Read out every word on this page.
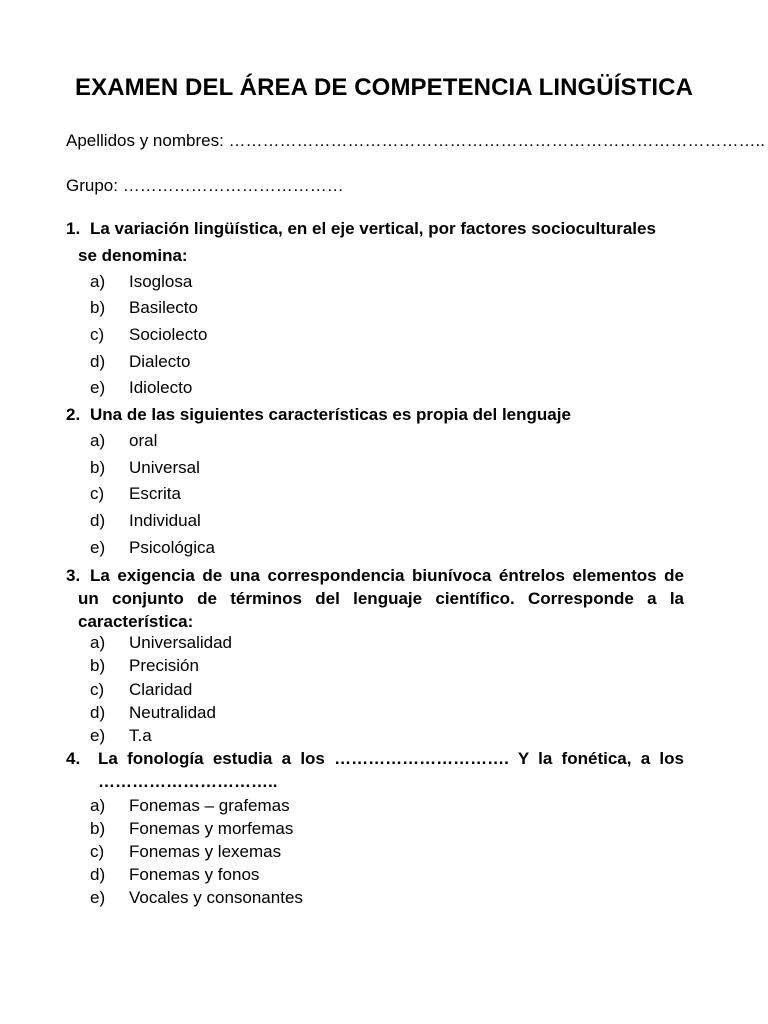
EXAMEN DEL ÁREA DE COMPETENCIA LINGÜÍSTICA
Apellidos y nombres: …………………………………………………………………………………..
Grupo: …………………………………
1. La variación lingüística, en el eje vertical, por factores socioculturales
se denomina:
a) Isoglosa
b) Basilecto
c) Sociolecto
d) Dialecto
e) Idiolecto
2. Una de las siguientes características es propia del lenguaje
a) oral
b) Universal
c) Escrita
d) Individual
e) Psicológica
3. La exigencia de una correspondencia biunívoca éntrelos elementos de
un conjunto de términos del lenguaje científico. Corresponde a la
característica:
a) Universalidad
b) Precisión
c) Claridad
d) Neutralidad
e) T.a
4. La fonología estudia a los …………………………. Y la fonética, a los
…………………………..
a) Fonemas – grafemas
b) Fonemas y morfemas
c) Fonemas y lexemas
d) Fonemas y fonos
e) Vocales y consonantes
